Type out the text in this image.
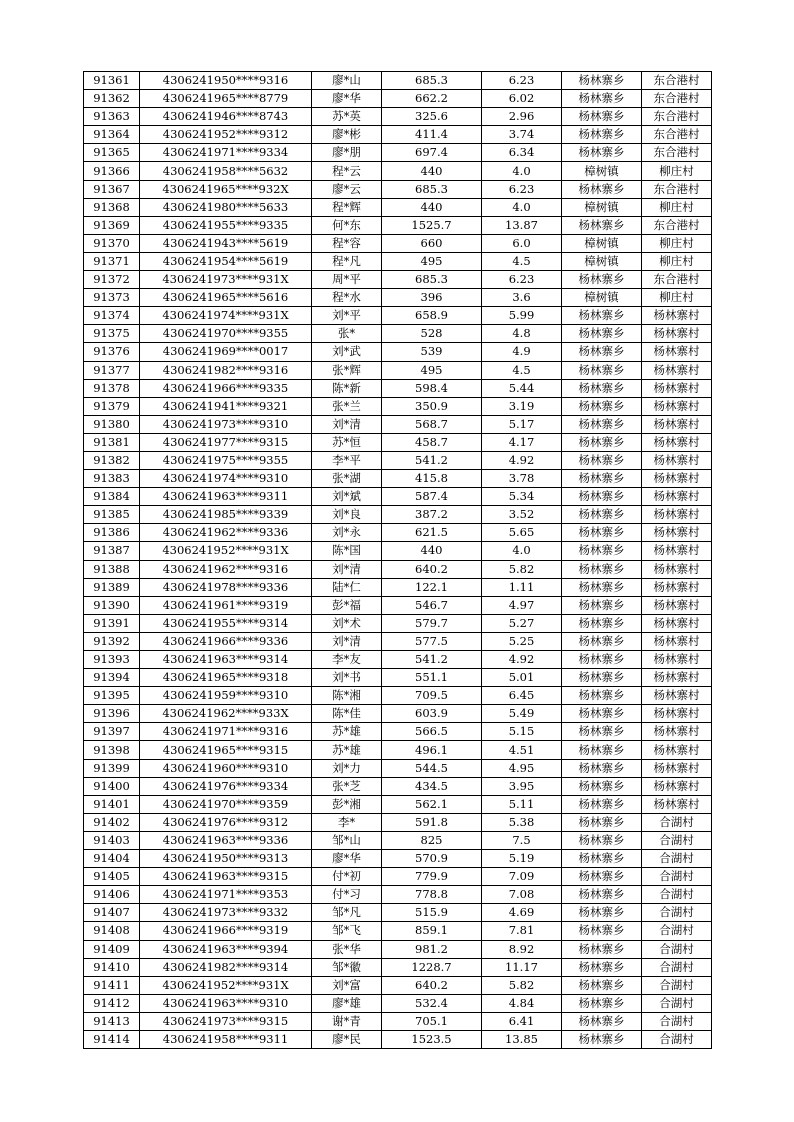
91361	4306241950****9316	廖*山	685.3	6.23	杨林寨乡	东合港村
91362	4306241965****8779	廖*华	662.2	6.02	杨林寨乡	东合港村
91363	4306241946****8743	苏*英	325.6	2.96	杨林寨乡	东合港村
91364	4306241952****9312	廖*彬	411.4	3.74	杨林寨乡	东合港村
91365	4306241971****9334	廖*朋	697.4	6.34	杨林寨乡	东合港村
91366	4306241958****5632	程*云	440	4.0	樟树镇	柳庄村
91367	4306241965****932X	廖*云	685.3	6.23	杨林寨乡	东合港村
91368	4306241980****5633	程*辉	440	4.0	樟树镇	柳庄村
91369	4306241955****9335	何*东	1525.7	13.87	杨林寨乡	东合港村
91370	4306241943****5619	程*容	660	6.0	樟树镇	柳庄村
91371	4306241954****5619	程*凡	495	4.5	樟树镇	柳庄村
91372	4306241973****931X	周*平	685.3	6.23	杨林寨乡	东合港村
91373	4306241965****5616	程*水	396	3.6	樟树镇	柳庄村
91374	4306241974****931X	刘*平	658.9	5.99	杨林寨乡	杨林寨村
91375	4306241970****9355	张*	528	4.8	杨林寨乡	杨林寨村
91376	4306241969****0017	刘*武	539	4.9	杨林寨乡	杨林寨村
91377	4306241982****9316	张*辉	495	4.5	杨林寨乡	杨林寨村
91378	4306241966****9335	陈*新	598.4	5.44	杨林寨乡	杨林寨村
91379	4306241941****9321	张*兰	350.9	3.19	杨林寨乡	杨林寨村
91380	4306241973****9310	刘*清	568.7	5.17	杨林寨乡	杨林寨村
91381	4306241977****9315	苏*恒	458.7	4.17	杨林寨乡	杨林寨村
91382	4306241975****9355	李*平	541.2	4.92	杨林寨乡	杨林寨村
91383	4306241974****9310	张*湖	415.8	3.78	杨林寨乡	杨林寨村
91384	4306241963****9311	刘*斌	587.4	5.34	杨林寨乡	杨林寨村
91385	4306241985****9339	刘*良	387.2	3.52	杨林寨乡	杨林寨村
91386	4306241962****9336	刘*永	621.5	5.65	杨林寨乡	杨林寨村
91387	4306241952****931X	陈*国	440	4.0	杨林寨乡	杨林寨村
91388	4306241962****9316	刘*清	640.2	5.82	杨林寨乡	杨林寨村
91389	4306241978****9336	陆*仁	122.1	1.11	杨林寨乡	杨林寨村
91390	4306241961****9319	彭*福	546.7	4.97	杨林寨乡	杨林寨村
91391	4306241955****9314	刘*术	579.7	5.27	杨林寨乡	杨林寨村
91392	4306241966****9336	刘*清	577.5	5.25	杨林寨乡	杨林寨村
91393	4306241963****9314	李*友	541.2	4.92	杨林寨乡	杨林寨村
91394	4306241965****9318	刘*书	551.1	5.01	杨林寨乡	杨林寨村
91395	4306241959****9310	陈*湘	709.5	6.45	杨林寨乡	杨林寨村
91396	4306241962****933X	陈*佳	603.9	5.49	杨林寨乡	杨林寨村
91397	4306241971****9316	苏*雄	566.5	5.15	杨林寨乡	杨林寨村
91398	4306241965****9315	苏*雄	496.1	4.51	杨林寨乡	杨林寨村
91399	4306241960****9310	刘*力	544.5	4.95	杨林寨乡	杨林寨村
91400	4306241976****9334	张*芝	434.5	3.95	杨林寨乡	杨林寨村
91401	4306241970****9359	彭*湘	562.1	5.11	杨林寨乡	杨林寨村
91402	4306241976****9312	李*	591.8	5.38	杨林寨乡	合湖村
91403	4306241963****9336	邹*山	825	7.5	杨林寨乡	合湖村
91404	4306241950****9313	廖*华	570.9	5.19	杨林寨乡	合湖村
91405	4306241963****9315	付*初	779.9	7.09	杨林寨乡	合湖村
91406	4306241971****9353	付*习	778.8	7.08	杨林寨乡	合湖村
91407	4306241973****9332	邹*凡	515.9	4.69	杨林寨乡	合湖村
91408	4306241966****9319	邹*飞	859.1	7.81	杨林寨乡	合湖村
91409	4306241963****9394	张*华	981.2	8.92	杨林寨乡	合湖村
91410	4306241982****9314	邹*徽	1228.7	11.17	杨林寨乡	合湖村
91411	4306241952****931X	刘*富	640.2	5.82	杨林寨乡	合湖村
91412	4306241963****9310	廖*雄	532.4	4.84	杨林寨乡	合湖村
91413	4306241973****9315	谢*青	705.1	6.41	杨林寨乡	合湖村
91414	4306241958****9311	廖*民	1523.5	13.85	杨林寨乡	合湖村
